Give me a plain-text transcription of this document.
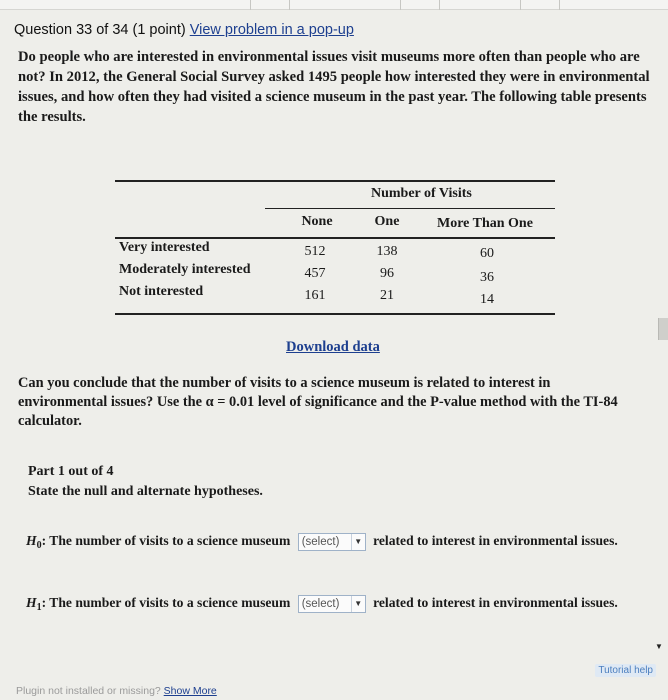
Question 33 of 34 (1 point) View problem in a pop-up
Do people who are interested in environmental issues visit museums more often than people who are not? In 2012, the General Social Survey asked 1495 people how interested they were in environmental issues, and how often they had visited a science museum in the past year. The following table presents the results.
Number of Visits
None	One	More Than One
Very interested	512	138	60
Moderately interested	457	96	36
Not interested	161	21	14
Download data
Can you conclude that the number of visits to a science museum is related to interest in environmental issues? Use the α = 0.01 level of significance and the P-value method with the TI-84 calculator.
Part 1 out of 4
State the null and alternate hypotheses.
$H_0$: The number of visits to a science museum (select)	▼ related to interest in environmental issues.
$H_1$: The number of visits to a science museum (select)	▼ related to interest in environmental issues.
Tutorial help
Plugin not installed or missing? Show More
▼
